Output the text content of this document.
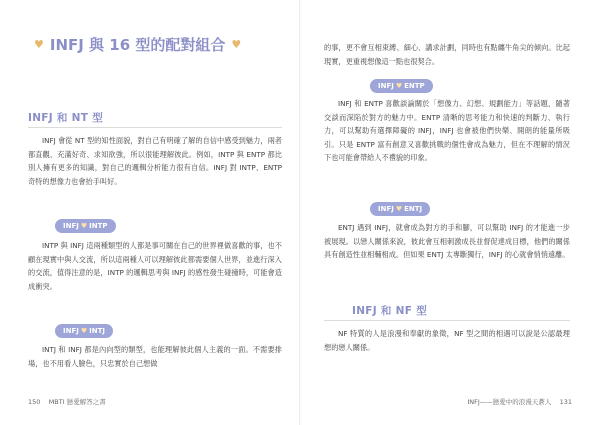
♥ INFJ 與 16 型的配對組合 ♥
INFJ 和 NT 型
INFJ 會從 NT 型的知性面貌，對自己有明確了解的自信中感受到魅力，兩者都直觀、充滿好奇、求知欲強，所以很能理解彼此。例如，INTP 與 ENTP 都比別人擁有更多的知識，對自己的邏輯分析能力很有自信。INFJ 對 INTP、ENTP 奇特的想像力也會抬手叫好。
INFJ ♥ INTP
INTP 與 INFJ 這兩種類型的人都是事可關在自己的世界裡做喜歡的事，也不顧在現實中與人交流，所以這兩種人可以理解彼此都需要個人世界，並進行深入的交流，值得注意的是，INTP 的邏輯思考與 INFJ 的感性發生碰撞時，可能會造成衝突。
INFJ ♥ INTJ
INTJ 和 INFJ 都是內向型的類型，也能理解彼此個人主義的一面。不需要排場，也不用看人臉色，只忠實於自己想做
150 MBTI 戀愛解答之書
的事，更不會互相束縛、細心、講求計劃，同時也有點纏牛角尖的傾向。比起現實，更重視想像這一點也很契合。
INFJ ♥ ENTP
INFJ 和 ENTP 喜歡談論關於「想像力、幻想、規劃能力」等話題，隨著交談而深陷於對方的魅力中。ENTP 清晰的思考能力和快速的判斷力、執行力，可以幫助有選擇障礙的 INFJ，INFJ 也會被他們快樂、開朗的能量所吸引。只是 ENTP 富有創意又喜歡挑戰的個性會成為魅力，但在不理解的情況下也可能會帶給人不禮貌的印象。
INFJ ♥ ENTJ
ENTJ 遇到 INFJ，就會成為對方的手和腳，可以幫助 INFJ 的才能進一步被展現。以戀人關係來說，彼此會互相刺激成長並督促達成目標，他們的關係具有創造性並相輔相成。但如果 ENTJ 太專斷獨行，INFJ 的心就會悄悄遠離。
INFJ 和 NF 型
NF 特質的人是浪漫和奉獻的象徵，NF 型之間的相遇可以說是公認最理想的戀人關係。
INFJ——戀愛中的浪漫天蒼人 131
